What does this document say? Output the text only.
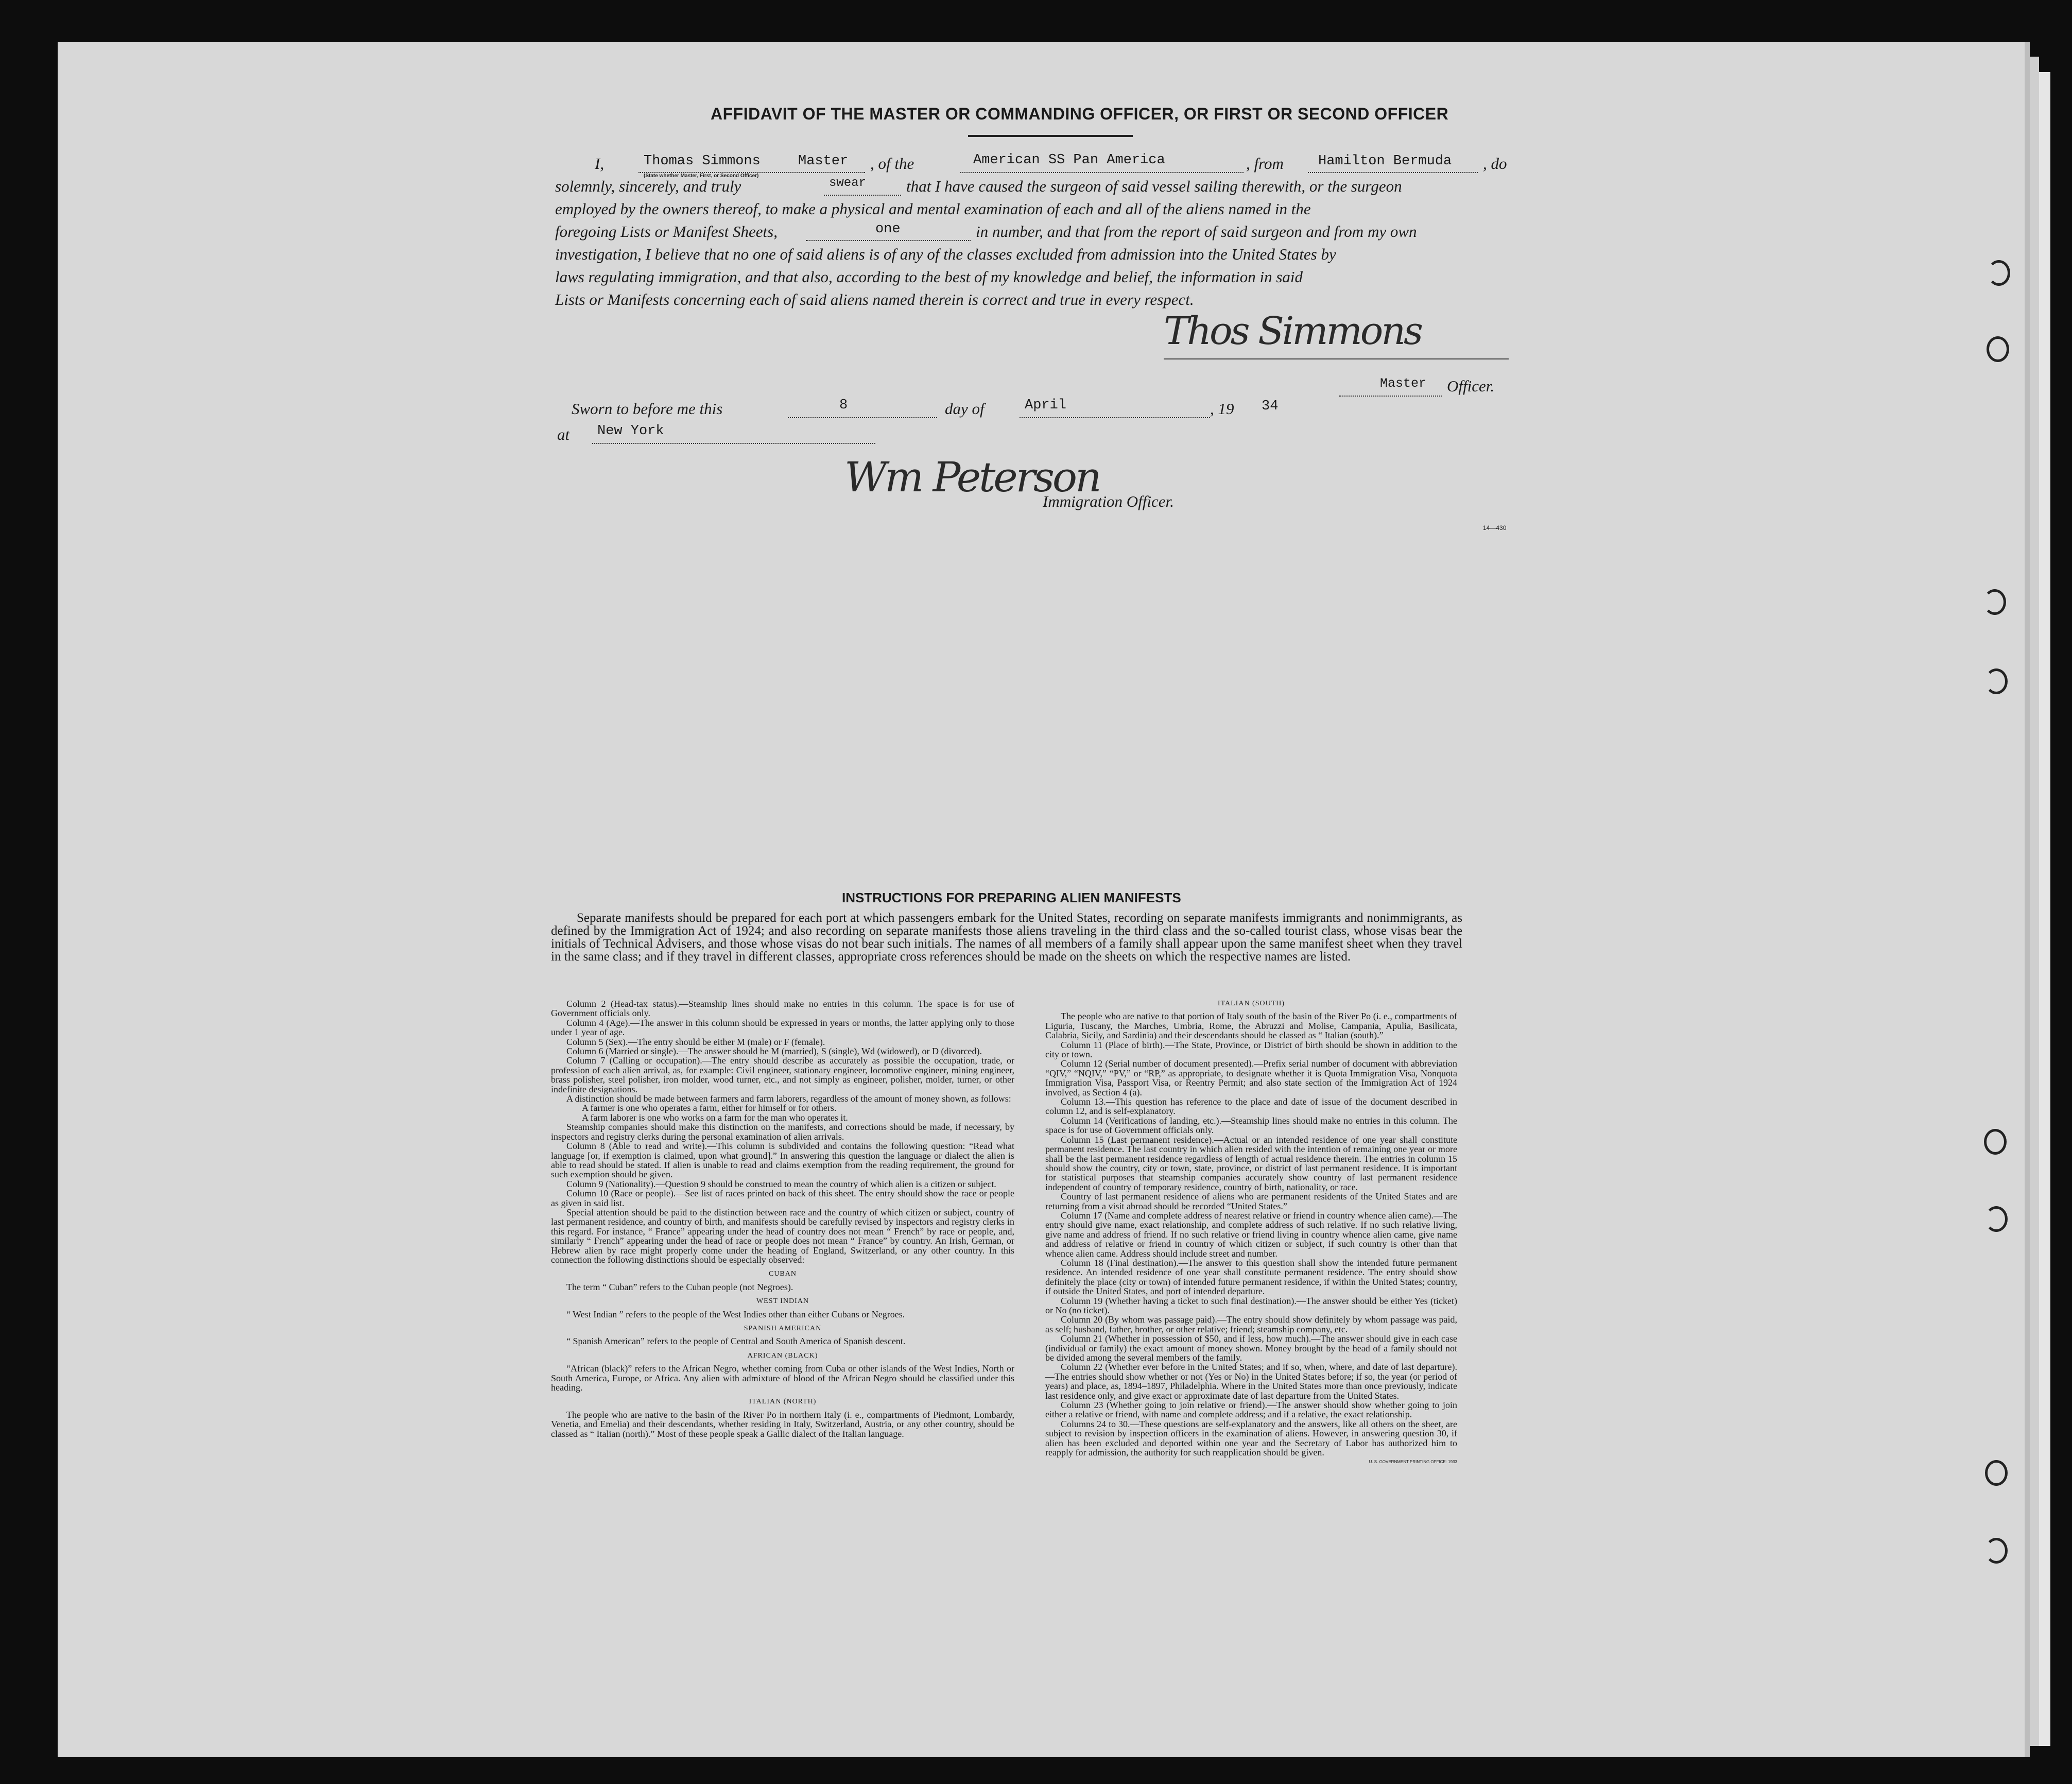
AFFIDAVIT OF THE MASTER OR COMMANDING OFFICER, OR FIRST OR SECOND OFFICER
I,	Thomas Simmons	Master
(State whether Master, First, or Second Officer)
, of the	American SS Pan America	, from Hamilton Bermuda , do
solemnly, sincerely, and truly	swear	that I have caused the surgeon of said vessel sailing therewith, or the surgeon
employed by the owners thereof, to make a physical and mental examination of each and all of the aliens named in the
foregoing Lists or Manifest Sheets,	one	in number, and that from the report of said surgeon and from my own
investigation, I believe that no one of said aliens is of any of the classes excluded from admission into the United States by
laws regulating immigration, and that also, according to the best of my knowledge and belief, the information in said
Lists or Manifests concerning each of said aliens named therein is correct and true in every respect.
Thos Simmons
Master Officer.
Sworn to before me this	8	day of	April	, 19 34
at New York
Wm Peterson
Immigration Officer.
14—430
INSTRUCTIONS FOR PREPARING ALIEN MANIFESTS
Separate manifests should be prepared for each port at which passengers embark for the United States, recording on separate manifests immigrants and nonimmigrants, as defined by the Immigration Act of 1924; and also recording on separate manifests those aliens traveling in the third class and the so-called tourist class, whose visas bear the initials of Technical Advisers, and those whose visas do not bear such initials. The names of all members of a family shall appear upon the same manifest sheet when they travel in the same class; and if they travel in different classes, appropriate cross references should be made on the sheets on which the respective names are listed.

Column 2 (Head-tax status).—Steamship lines should make no entries in this column. The space is for use of Government officials only.

Column 4 (Age).—The answer in this column should be expressed in years or months, the latter applying only to those under 1 year of age.

Column 5 (Sex).—The entry should be either M (male) or F (female).

Column 6 (Married or single).—The answer should be M (married), S (single), Wd (widowed), or D (divorced).

Column 7 (Calling or occupation).—The entry should describe as accurately as possible the occupation, trade, or profession of each alien arrival, as, for example: Civil engineer, stationary engineer, locomotive engineer, mining engineer, brass polisher, steel polisher, iron molder, wood turner, etc., and not simply as engineer, polisher, molder, turner, or other indefinite designations.

A distinction should be made between farmers and farm laborers, regardless of the amount of money shown, as follows:

A farmer is one who operates a farm, either for himself or for others.

A farm laborer is one who works on a farm for the man who operates it.

Steamship companies should make this distinction on the manifests, and corrections should be made, if necessary, by inspectors and registry clerks during the personal examination of alien arrivals.

Column 8 (Able to read and write).—This column is subdivided and contains the following question: “Read what language [or, if exemption is claimed, upon what ground].” In answering this question the language or dialect the alien is able to read should be stated. If alien is unable to read and claims exemption from the reading requirement, the ground for such exemption should be given.

Column 9 (Nationality).—Question 9 should be construed to mean the country of which alien is a citizen or subject.

Column 10 (Race or people).—See list of races printed on back of this sheet. The entry should show the race or people as given in said list.

Special attention should be paid to the distinction between race and the country of which citizen or subject, country of last permanent residence, and country of birth, and manifests should be carefully revised by inspectors and registry clerks in this regard. For instance, “ France” appearing under the head of country does not mean “ French” by race or people, and, similarly “ French” appearing under the head of race or people does not mean “ France” by country. An Irish, German, or Hebrew alien by race might properly come under the heading of England, Switzerland, or any other country. In this connection the following distinctions should be especially observed:

CUBAN

The term “ Cuban” refers to the Cuban people (not Negroes).

WEST INDIAN

“ West Indian ” refers to the people of the West Indies other than either Cubans or Negroes.

SPANISH AMERICAN

“ Spanish American” refers to the people of Central and South America of Spanish descent.

AFRICAN (BLACK)

“African (black)” refers to the African Negro, whether coming from Cuba or other islands of the West Indies, North or South America, Europe, or Africa. Any alien with admixture of blood of the African Negro should be classified under this heading.

ITALIAN (NORTH)

The people who are native to the basin of the River Po in northern Italy (i. e., compartments of Piedmont, Lombardy, Venetia, and Emelia) and their descendants, whether residing in Italy, Switzerland, Austria, or any other country, should be classed as “ Italian (north).” Most of these people speak a Gallic dialect of the Italian language.

ITALIAN (SOUTH)

The people who are native to that portion of Italy south of the basin of the River Po (i. e., compartments of Liguria, Tuscany, the Marches, Umbria, Rome, the Abruzzi and Molise, Campania, Apulia, Basilicata, Calabria, Sicily, and Sardinia) and their descendants should be classed as “ Italian (south).”

Column 11 (Place of birth).—The State, Province, or District of birth should be shown in addition to the city or town.

Column 12 (Serial number of document presented).—Prefix serial number of document with abbreviation “QIV,” “NQIV,” “PV,” or “RP,” as appropriate, to designate whether it is Quota Immigration Visa, Nonquota Immigration Visa, Passport Visa, or Reentry Permit; and also state section of the Immigration Act of 1924 involved, as Section 4 (a).

Column 13.—This question has reference to the place and date of issue of the document described in column 12, and is self-explanatory.

Column 14 (Verifications of landing, etc.).—Steamship lines should make no entries in this column. The space is for use of Government officials only.

Column 15 (Last permanent residence).—Actual or an intended residence of one year shall constitute permanent residence. The last country in which alien resided with the intention of remaining one year or more shall be the last permanent residence regardless of length of actual residence therein. The entries in column 15 should show the country, city or town, state, province, or district of last permanent residence. It is important for statistical purposes that steamship companies accurately show country of last permanent residence independent of country of temporary residence, country of birth, nationality, or race.

Country of last permanent residence of aliens who are permanent residents of the United States and are returning from a visit abroad should be recorded “United States.”

Column 17 (Name and complete address of nearest relative or friend in country whence alien came).—The entry should give name, exact relationship, and complete address of such relative. If no such relative living, give name and address of friend. If no such relative or friend living in country whence alien came, give name and address of relative or friend in country of which citizen or subject, if such country is other than that whence alien came. Address should include street and number.

Column 18 (Final destination).—The answer to this question shall show the intended future permanent residence. An intended residence of one year shall constitute permanent residence. The entry should show definitely the place (city or town) of intended future permanent residence, if within the United States; country, if outside the United States, and port of intended departure.

Column 19 (Whether having a ticket to such final destination).—The answer should be either Yes (ticket) or No (no ticket).

Column 20 (By whom was passage paid).—The entry should show definitely by whom passage was paid, as self; husband, father, brother, or other relative; friend; steamship company, etc.

Column 21 (Whether in possession of $50, and if less, how much).—The answer should give in each case (individual or family) the exact amount of money shown. Money brought by the head of a family should not be divided among the several members of the family.

Column 22 (Whether ever before in the United States; and if so, when, where, and date of last departure).—The entries should show whether or not (Yes or No) in the United States before; if so, the year (or period of years) and place, as, 1894–1897, Philadelphia. Where in the United States more than once previously, indicate last residence only, and give exact or approximate date of last departure from the United States.

Column 23 (Whether going to join relative or friend).—The answer should show whether going to join either a relative or friend, with name and complete address; and if a relative, the exact relationship.

Columns 24 to 30.—These questions are self-explanatory and the answers, like all others on the sheet, are subject to revision by inspection officers in the examination of aliens. However, in answering question 30, if alien has been excluded and deported within one year and the Secretary of Labor has authorized him to reapply for admission, the authority for such reapplication should be given.

U. S. GOVERNMENT PRINTING OFFICE: 1933
